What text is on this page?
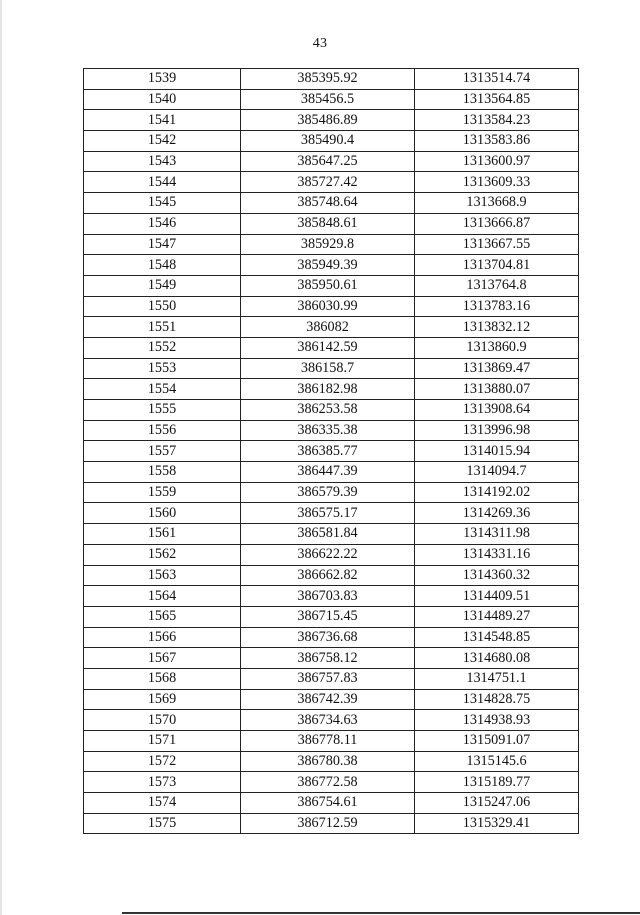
43
1539	385395.92	1313514.74
1540	385456.5	1313564.85
1541	385486.89	1313584.23
1542	385490.4	1313583.86
1543	385647.25	1313600.97
1544	385727.42	1313609.33
1545	385748.64	1313668.9
1546	385848.61	1313666.87
1547	385929.8	1313667.55
1548	385949.39	1313704.81
1549	385950.61	1313764.8
1550	386030.99	1313783.16
1551	386082	1313832.12
1552	386142.59	1313860.9
1553	386158.7	1313869.47
1554	386182.98	1313880.07
1555	386253.58	1313908.64
1556	386335.38	1313996.98
1557	386385.77	1314015.94
1558	386447.39	1314094.7
1559	386579.39	1314192.02
1560	386575.17	1314269.36
1561	386581.84	1314311.98
1562	386622.22	1314331.16
1563	386662.82	1314360.32
1564	386703.83	1314409.51
1565	386715.45	1314489.27
1566	386736.68	1314548.85
1567	386758.12	1314680.08
1568	386757.83	1314751.1
1569	386742.39	1314828.75
1570	386734.63	1314938.93
1571	386778.11	1315091.07
1572	386780.38	1315145.6
1573	386772.58	1315189.77
1574	386754.61	1315247.06
1575	386712.59	1315329.41
